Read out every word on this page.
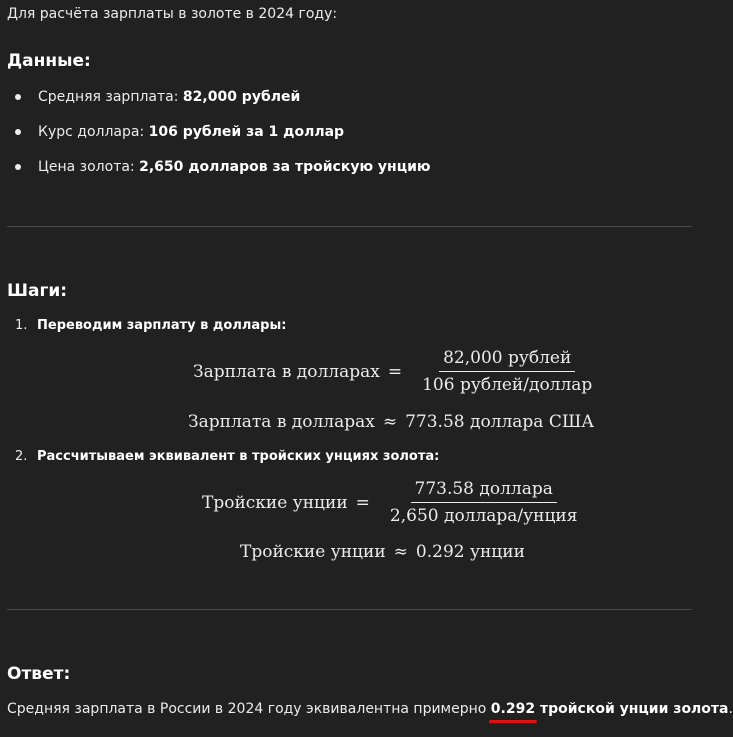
Для расчёта зарплаты в золоте в 2024 году:
Данные:
Средняя зарплата: 82,000 рублей
Курс доллара: 106 рублей за 1 доллар
Цена золота: 2,650 долларов за тройскую унцию
Шаги:
1. Переводим зарплату в доллары:
Зарплата в долларах = $\frac{\text{82,000 рублей}}{\text{106 рублей/доллар}}$
Зарплата в долларах ≈ 773.58 доллара США
2. Рассчитываем эквивалент в тройских унциях золота:
Тройские унции = $\frac{\text{773.58 доллара}}{\text{2,650 доллара/унция}}$
Тройские унции ≈ 0.292 унции
Ответ:
Средняя зарплата в России в 2024 году эквивалентна примерно 0.292 тройской унции золота.
